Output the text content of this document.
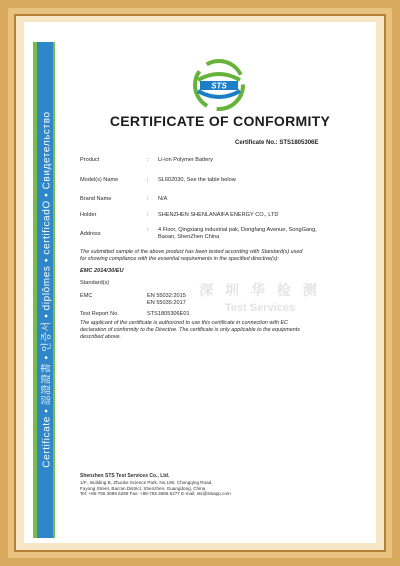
Certificate • 認證證書 • 인증서 • diplômes • certificadO • Свидетельство
STS
CERTIFICATE OF CONFORMITY
Certificate No.: STS1805306E
Product	:	Li-ion Polymer Battery
Model(s) Name	:	SL602030, See the table below
Brand Name	:	N/A
Holder	:	SHENZHEN SHENLANAIFA ENERGY CO., LTD
Address
:	4 Floor, Qingxiang industrial pak, Dongfang Avenue, SongGang,
Baoan, ShenZhen China
The submitted sample of the above product has been tested according with Standard(s) used
for showing compliance with the essential requirements in the specified directive(s):
EMC 2014/30/EU
深 圳 华 检 测
Test Services
Standard(s)
EMC	EN 55032:2015
EN 55035:2017
Test Report No.	STS1805306E01
The applicant of the certificate is authorized to use this certificate in connection with EC
declaration of conformity to the Directive. The certificate is only applicable to the equipments
described above.
Shenzhen STS Test Services Co., Ltd.
1/F., Building B, Zhuoke Science Park, No.190, Chongqing Road,
Fuyong Street, Bao'an District, Shenzhen, Guangdong, China
Tel: +86-755 3688 6288 Fax: +86-755 3688 6277 E-mail: sts@stsapp.com
